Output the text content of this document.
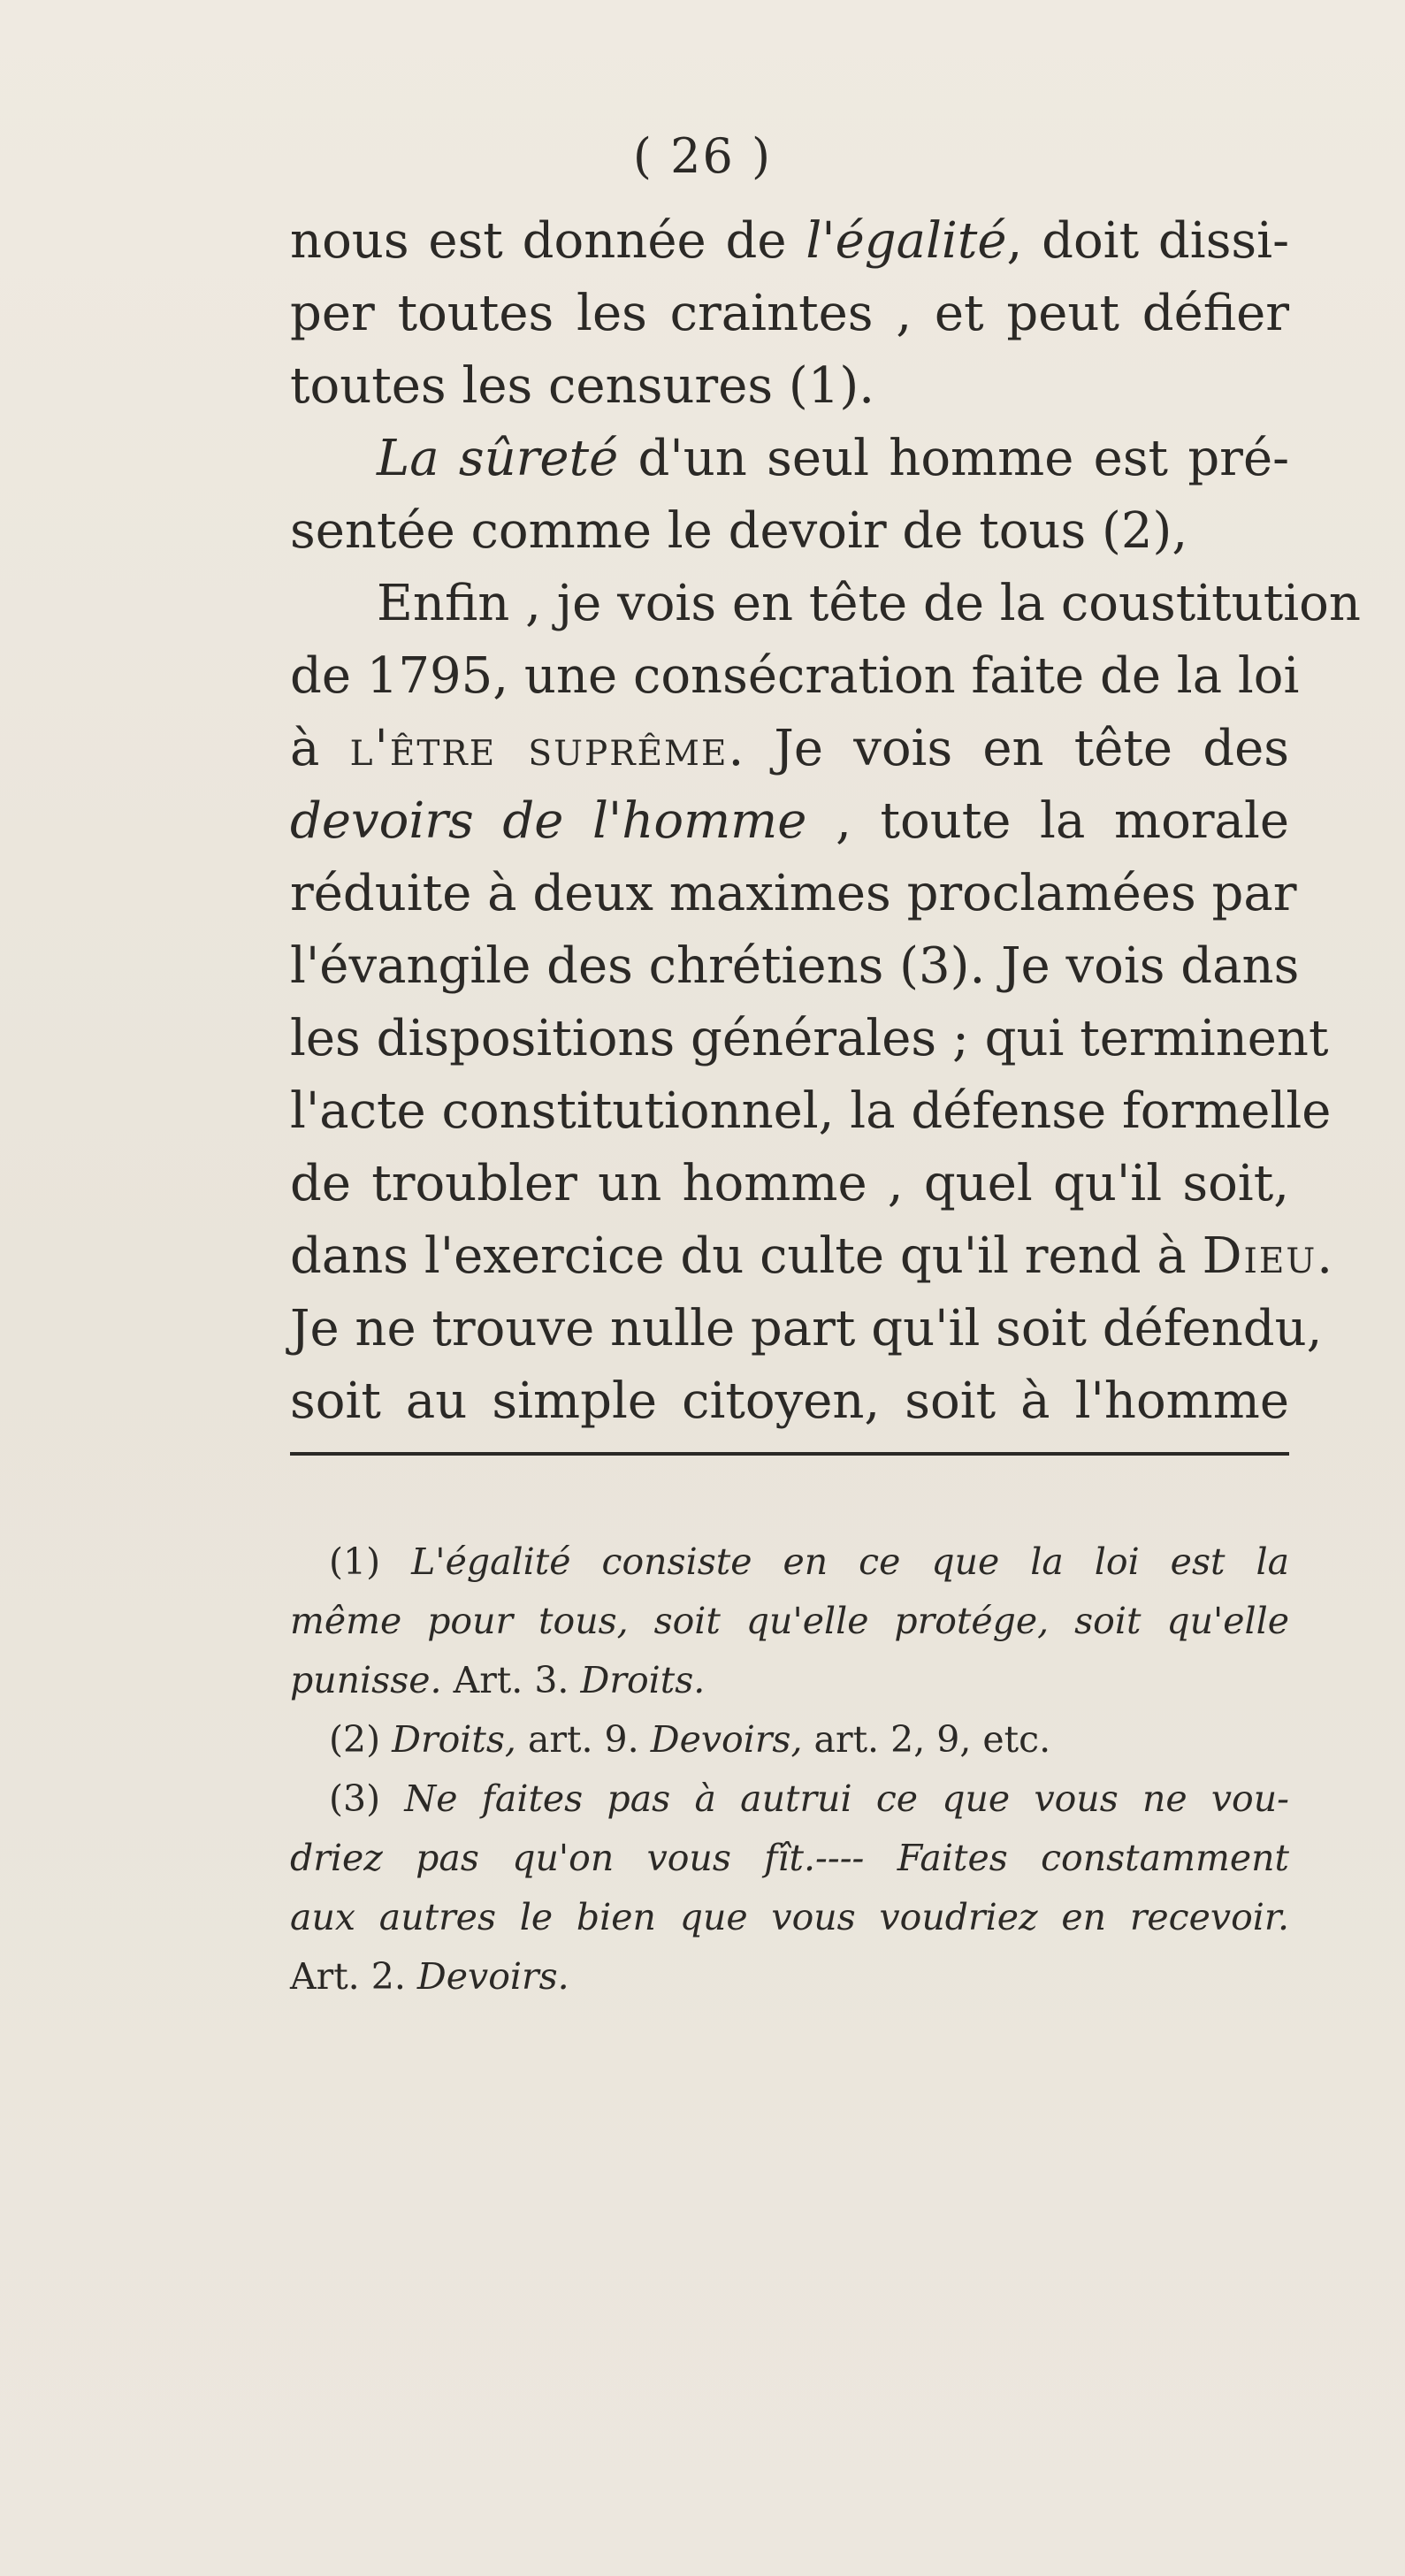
( 26 )
nous est donnée de l'égalité, doit dissi-
per toutes les craintes , et peut défier
toutes les censures (1).
La sûreté d'un seul homme est pré-
sentée comme le devoir de tous (2),
Enfin , je vois en tête de la coustitution
de 1795, une consécration faite de la loi
à l'être suprême. Je vois en tête des
devoirs de l'homme , toute la morale
réduite à deux maximes proclamées par
l'évangile des chrétiens (3). Je vois dans
les dispositions générales ; qui terminent
l'acte constitutionnel, la défense formelle
de troubler un homme , quel qu'il soit,
dans l'exercice du culte qu'il rend à Dieu.
Je ne trouve nulle part qu'il soit défendu,
soit au simple citoyen, soit à l'homme
(1) L'égalité consiste en ce que la loi est la
même pour tous, soit qu'elle protége, soit qu'elle
punisse. Art. 3. Droits.
(2) Droits, art. 9. Devoirs, art. 2, 9, etc.
(3) Ne faites pas à autrui ce que vous ne vou-
driez pas qu'on vous fît.---- Faites constamment
aux autres le bien que vous voudriez en recevoir.
Art. 2. Devoirs.
